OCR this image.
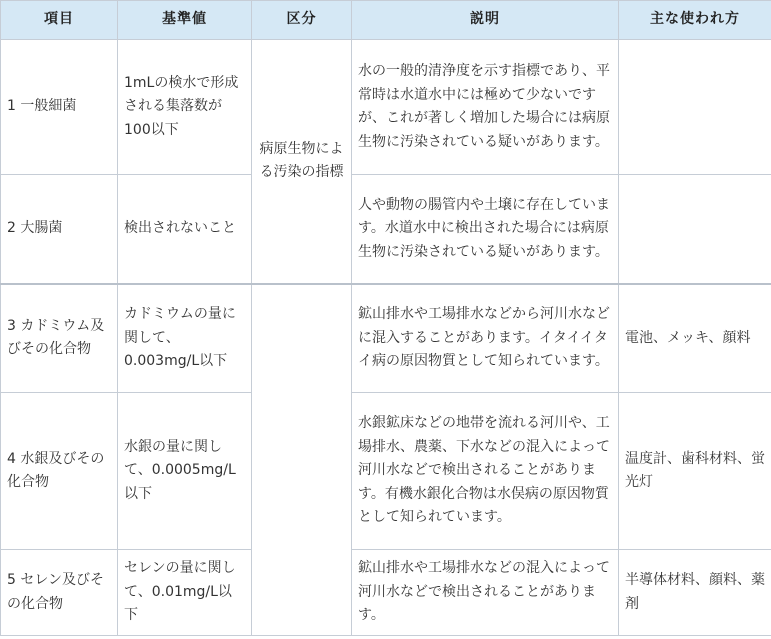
項目	基準値	区分	説明	主な使われ方
1 一般細菌	1mLの検水で形成される集落数が100以下	病原生物による汚染の指標	水の一般的清浄度を示す指標であり、平常時は水道水中には極めて少ないですが、これが著しく増加した場合には病原生物に汚染されている疑いがあります。	
2 大腸菌	検出されないこと		人や動物の腸管内や土壌に存在しています。水道水中に検出された場合には病原生物に汚染されている疑いがあります。	
3 カドミウム及びその化合物	カドミウムの量に関して、0.003mg/L以下		鉱山排水や工場排水などから河川水などに混入することがあります。イタイイタイ病の原因物質として知られています。	電池、メッキ、顔料
4 水銀及びその化合物	水銀の量に関して、0.0005mg/L以下		水銀鉱床などの地帯を流れる河川や、工場排水、農薬、下水などの混入によって河川水などで検出されることがあります。有機水銀化合物は水俣病の原因物質として知られています。	温度計、歯科材料、蛍光灯
5 セレン及びその化合物	セレンの量に関して、0.01mg/L以下		鉱山排水や工場排水などの混入によって河川水などで検出されることがあります。	半導体材料、顔料、薬剤
